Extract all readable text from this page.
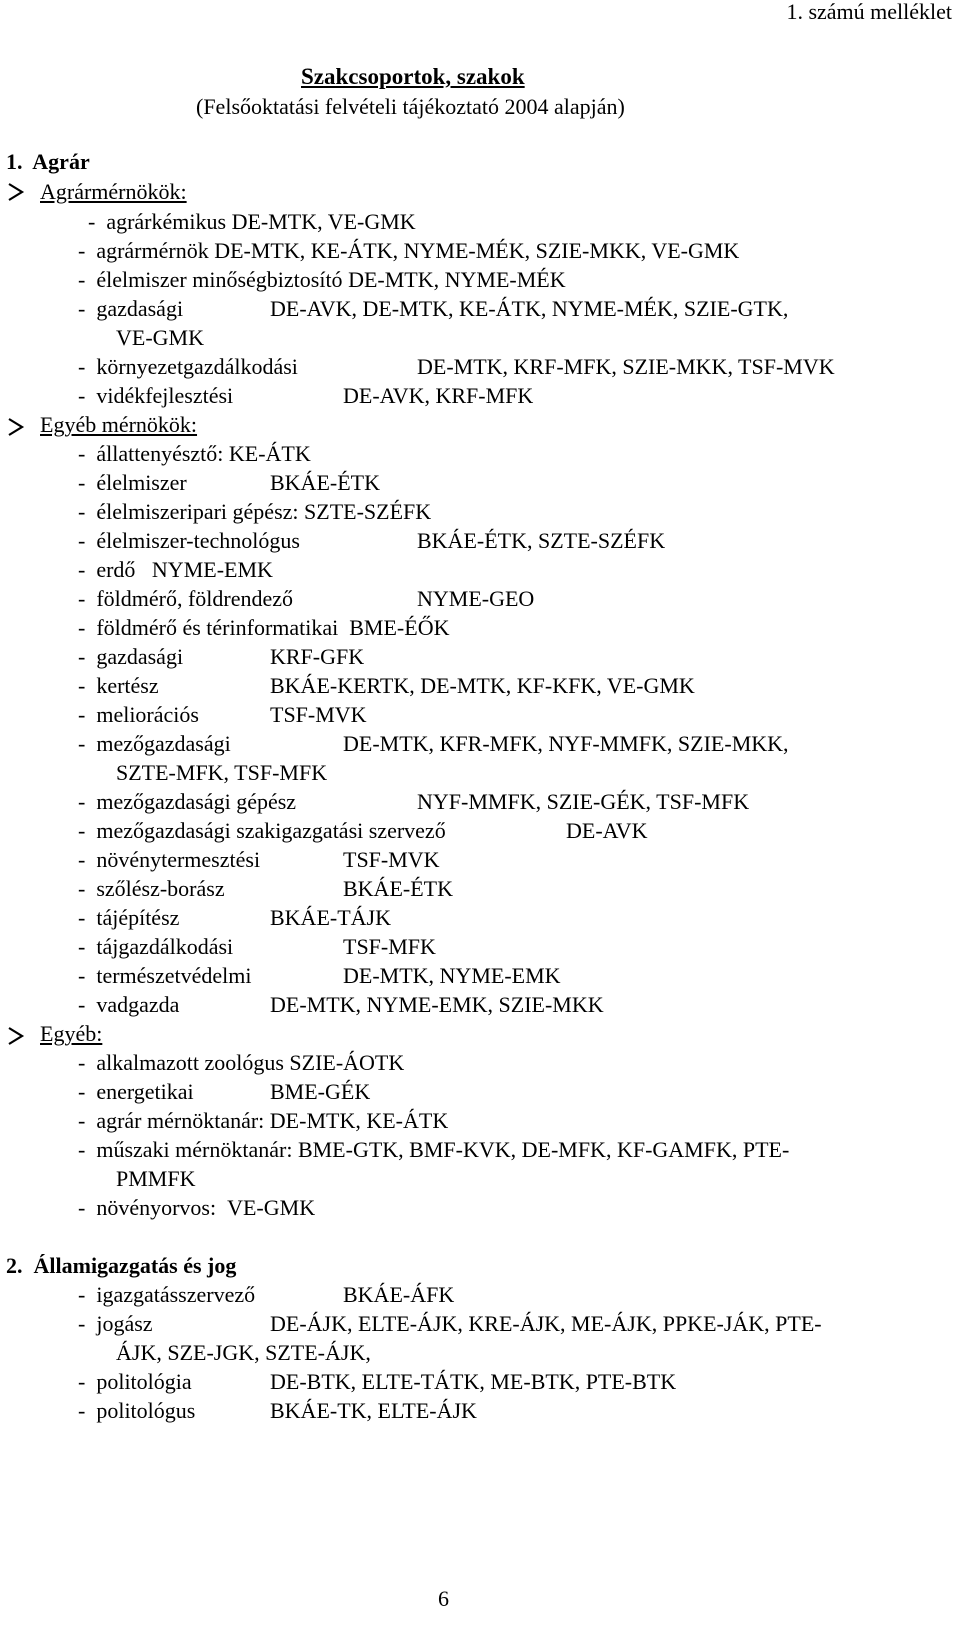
1. számú melléklet
Szakcsoportok, szakok
(Felsőoktatási felvételi tájékoztató 2004 alapján)
1. Agrár
Agrármérnökök:
-  agrárkémikus DE-MTK, VE-GMK
-  agrármérnök DE-MTK, KE-ÁTK, NYME-MÉK, SZIE-MKK, VE-GMK
-  élelmiszer minőségbiztosító DE-MTK, NYME-MÉK
-  gazdasági	DE-AVK, DE-MTK, KE-ÁTK, NYME-MÉK, SZIE-GTK,
VE-GMK
-  környezetgazdálkodási	DE-MTK, KRF-MFK, SZIE-MKK, TSF-MVK
-  vidékfejlesztési	DE-AVK, KRF-MFK
Egyéb mérnökök:
-  állattenyésztő: KE-ÁTK
-  élelmiszer	BKÁE-ÉTK
-  élelmiszeripari gépész: SZTE-SZÉFK
-  élelmiszer-technológus	BKÁE-ÉTK, SZTE-SZÉFK
-  erdő NYME-EMK
-  földmérő, földrendező	NYME-GEO
-  földmérő és térinformatikai BME-ÉŐK
-  gazdasági	KRF-GFK
-  kertész	BKÁE-KERTK, DE-MTK, KF-KFK, VE-GMK
-  meliorációs	TSF-MVK
-  mezőgazdasági	DE-MTK, KFR-MFK, NYF-MMFK, SZIE-MKK,
SZTE-MFK, TSF-MFK
-  mezőgazdasági gépész	NYF-MMFK, SZIE-GÉK, TSF-MFK
-  mezőgazdasági szakigazgatási szervező	DE-AVK
-  növénytermesztési	TSF-MVK
-  szőlész-borász	BKÁE-ÉTK
-  tájépítész	BKÁE-TÁJK
-  tájgazdálkodási	TSF-MFK
-  természetvédelmi	DE-MTK, NYME-EMK
-  vadgazda	DE-MTK, NYME-EMK, SZIE-MKK
Egyéb:
-  alkalmazott zoológus SZIE-ÁOTK
-  energetikai	BME-GÉK
-  agrár mérnöktanár: DE-MTK, KE-ÁTK
-  műszaki mérnöktanár: BME-GTK, BMF-KVK, DE-MFK, KF-GAMFK, PTE-
PMMFK
-  növényorvos: VE-GMK
2. Államigazgatás és jog
-  igazgatásszervező	BKÁE-ÁFK
-  jogász	DE-ÁJK, ELTE-ÁJK, KRE-ÁJK, ME-ÁJK, PPKE-JÁK, PTE-
ÁJK, SZE-JGK, SZTE-ÁJK,
-  politológia	DE-BTK, ELTE-TÁTK, ME-BTK, PTE-BTK
-  politológus	BKÁE-TK, ELTE-ÁJK
6
